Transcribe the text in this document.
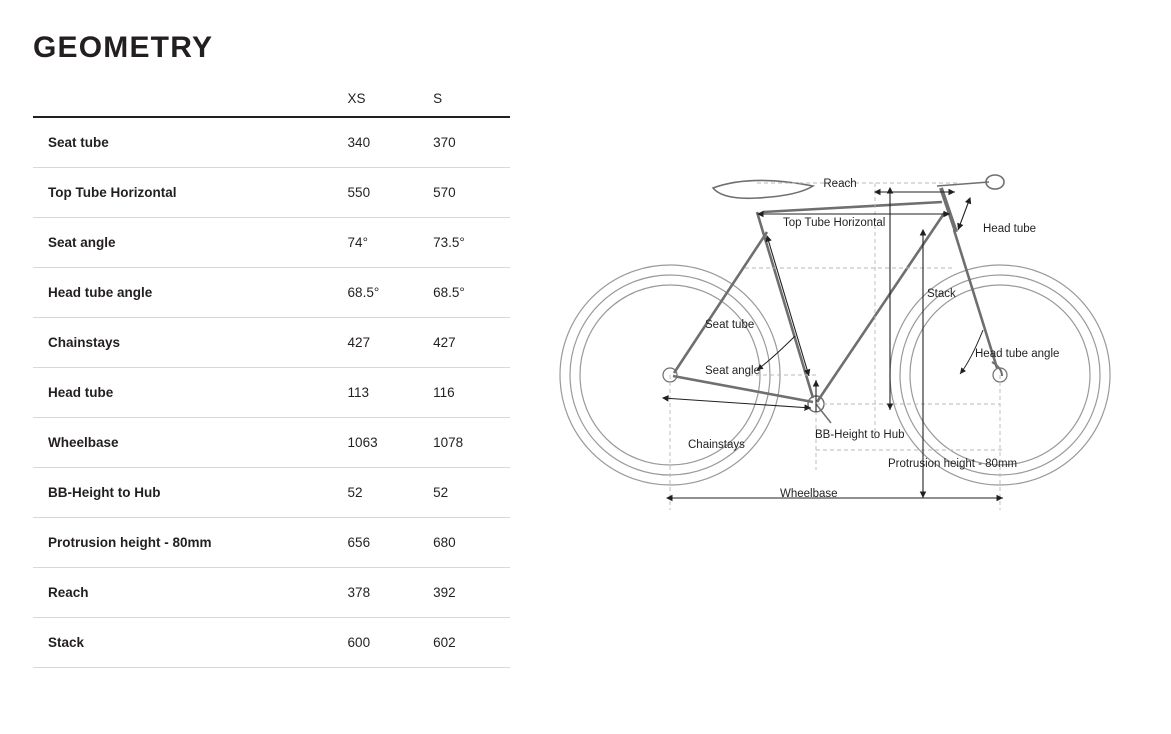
GEOMETRY
	XS	S
Seat tube	340	370
Top Tube Horizontal	550	570
Seat angle	74°	73.5°
Head tube angle	68.5°	68.5°
Chainstays	427	427
Head tube	113	116
Wheelbase	1063	1078
BB-Height to Hub	52	52
Protrusion height - 80mm	656	680
Reach	378	392
Stack	600	602
Reach
Top Tube Horizontal	Head tube
Stack
Seat tube
Seat angle
Head tube angle
Chainstays
BB-Height to Hub
Protrusion height - 80mm
Wheelbase
